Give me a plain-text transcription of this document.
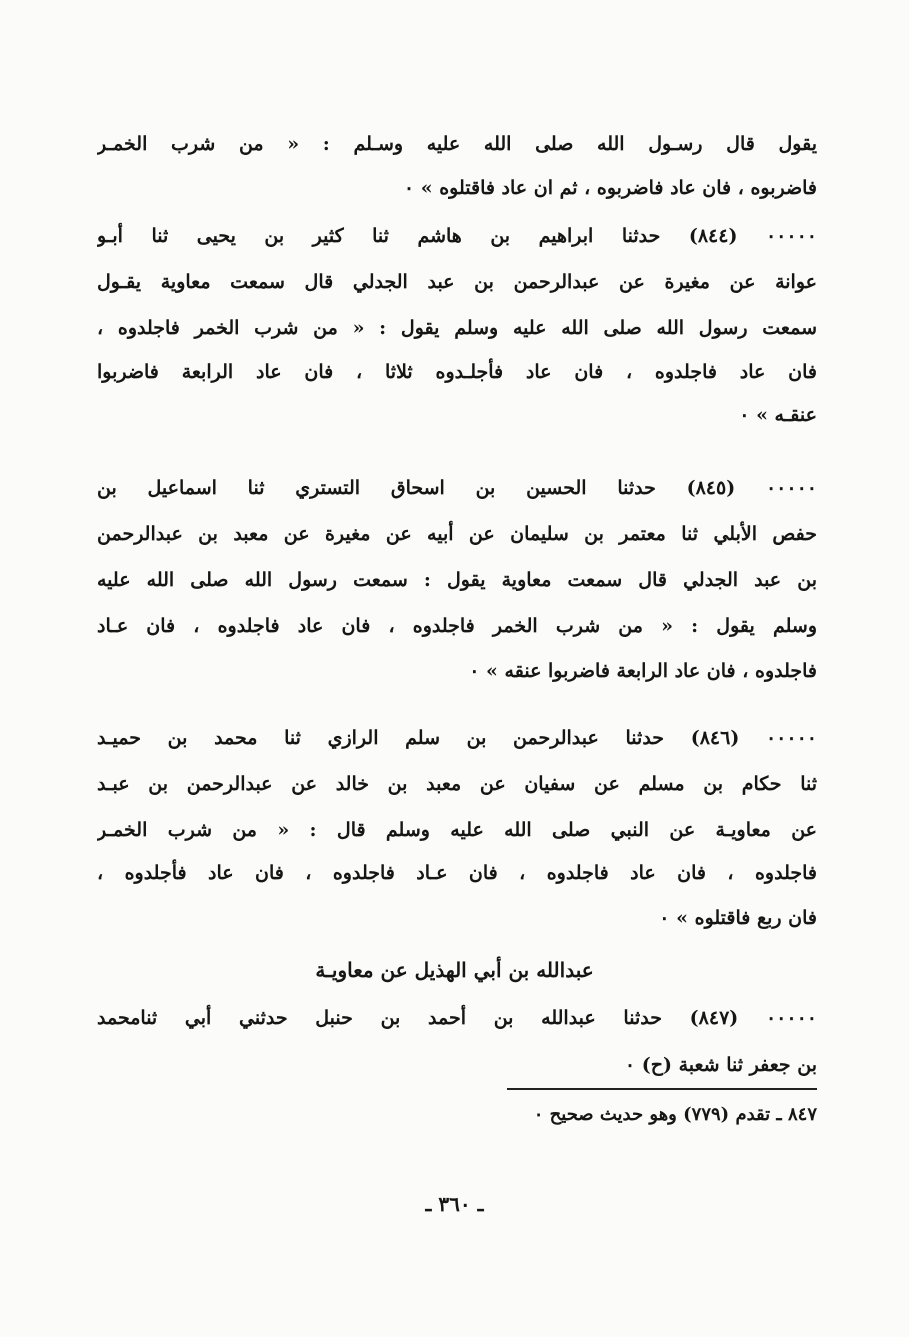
يقول قال رسـول الله صلى الله عليه وسـلم : « من شرب الخمـر
فاضربوه ، فان عاد فاضربوه ، ثم ان عاد فاقتلوه » ٠
٠٠٠٠٠ (٨٤٤) حدثنا ابراهيم بن هاشم ثنا كثير بن يحيى ثنا أبـو
عوانة عن مغيرة عن عبدالرحمن بن عبد الجدلي قال سمعت معاوية يقـول
سمعت رسول الله صلى الله عليه وسلم يقول : « من شرب الخمر فاجلدوه ،
فان عاد فاجلدوه ، فان عاد فأجلـدوه ثلاثا ، فان عاد الرابعة فاضربوا
عنقـه » ٠
٠٠٠٠٠ (٨٤٥) حدثنا الحسين بن اسحاق التستري ثنا اسماعيل بن
حفص الأبلي ثنا معتمر بن سليمان عن أبيه عن مغيرة عن معبد بن عبدالرحمن
بن عبد الجدلي قال سمعت معاوية يقول : سمعت رسول الله صلى الله عليه
وسلم يقول : « من شرب الخمر فاجلدوه ، فان عاد فاجلدوه ، فان عـاد
فاجلدوه ، فان عاد الرابعة فاضربوا عنقه » ٠
٠٠٠٠٠ (٨٤٦) حدثنا عبدالرحمن بن سلم الرازي ثنا محمد بن حميـد
ثنا حكام بن مسلم عن سفيان عن معبد بن خالد عن عبدالرحمن بن عبـد
عن معاويـة عن النبي صلى الله عليه وسلم قال : « من شرب الخمـر
فاجلدوه ، فان عاد فاجلدوه ، فان عـاد فاجلدوه ، فان عاد فأجلدوه ،
فان ربع فاقتلوه » ٠
عبدالله بن أبي الهذيل عن معاويـة
٠٠٠٠٠ (٨٤٧) حدثنا عبدالله بن أحمد بن حنبل حدثني أبي ثنامحمد
بن جعفر ثنا شعبة (ح) ٠
٨٤٧ ـ تقدم (٧٧٩) وهو حديث صحيح ٠
ـ ٣٦٠ ـ
